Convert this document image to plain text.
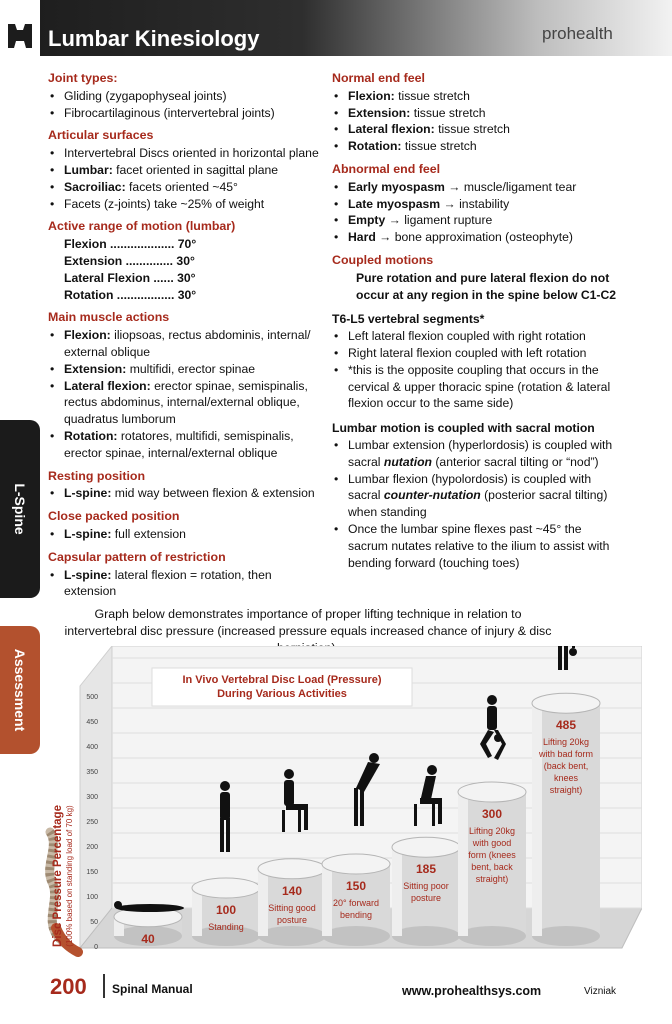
Lumbar Kinesiology	prohealth
Joint types:
• Gliding (zygapophyseal joints)
• Fibrocartilaginous (intervertebral joints)
Articular surfaces
• Intervertebral Discs oriented in horizontal plane
• Lumbar: facet oriented in sagittal plane
• Sacroiliac: facets oriented ~45°
• Facets (z-joints) take ~25% of weight
Active range of motion (lumbar)
Flexion ................... 70°
Extension .............. 30°
Lateral Flexion ...... 30°
Rotation ................. 30°
Main muscle actions
• Flexion: iliopsoas, rectus abdominis, internal/ external oblique
• Extension: multifidi, erector spinae
• Lateral flexion: erector spinae, semispinalis, rectus abdominus, internal/external oblique, quadratus lumborum
• Rotation: rotatores, multifidi, semispinalis, erector spinae, internal/external oblique
Resting position
• L-spine: mid way between flexion & extension
Close packed position
• L-spine: full extension
Capsular pattern of restriction
• L-spine: lateral flexion = rotation, then extension
Normal end feel
• Flexion: tissue stretch
• Extension: tissue stretch
• Lateral flexion: tissue stretch
• Rotation: tissue stretch
Abnormal end feel
• Early myospasm → muscle/ligament tear
• Late myospasm → instability
• Empty → ligament rupture
• Hard → bone approximation (osteophyte)
Coupled motions
Pure rotation and pure lateral flexion do not occur at any region in the spine below C1-C2
T6-L5 vertebral segments*
• Left lateral flexion coupled with right rotation
• Right lateral flexion coupled with left rotation
• *this is the opposite coupling that occurs in the cervical & upper thoracic spine (rotation & lateral flexion occur to the same side)
Lumbar motion is coupled with sacral motion
• Lumbar extension (hyperlordosis) is coupled with sacral nutation (anterior sacral tilting or “nod”)
• Lumbar flexion (hypolordosis) is coupled with sacral counter-nutation (posterior sacral tilting) when standing
• Once the lumbar spine flexes past ~45° the sacrum nutates relative to the ilium to assist with bending forward (touching toes)
L-Spine
Assessment
Graph below demonstrates importance of proper lifting technique in relation to intervertebral disc pressure (increased pressure equals increased chance of injury & disc
0
50
100
150
200
250
300
350
400
450
500
In Vivo Vertebral Disc Load (Pressure)
During Various Activities
Disc Pressure Percentage (100% based on standing load of 70 kg)	40
100
Standing
140
Sitting good
posture
150
20° forward
bending
185
Sitting poor
posture
300
Lifting 20kg
with good
form (knees
bent, back
straight)
485
Lifting 20kg
with bad form
(back bent,
knees
straight)
200 Spinal Manual	www.prohealthsys.com	Vizniak
